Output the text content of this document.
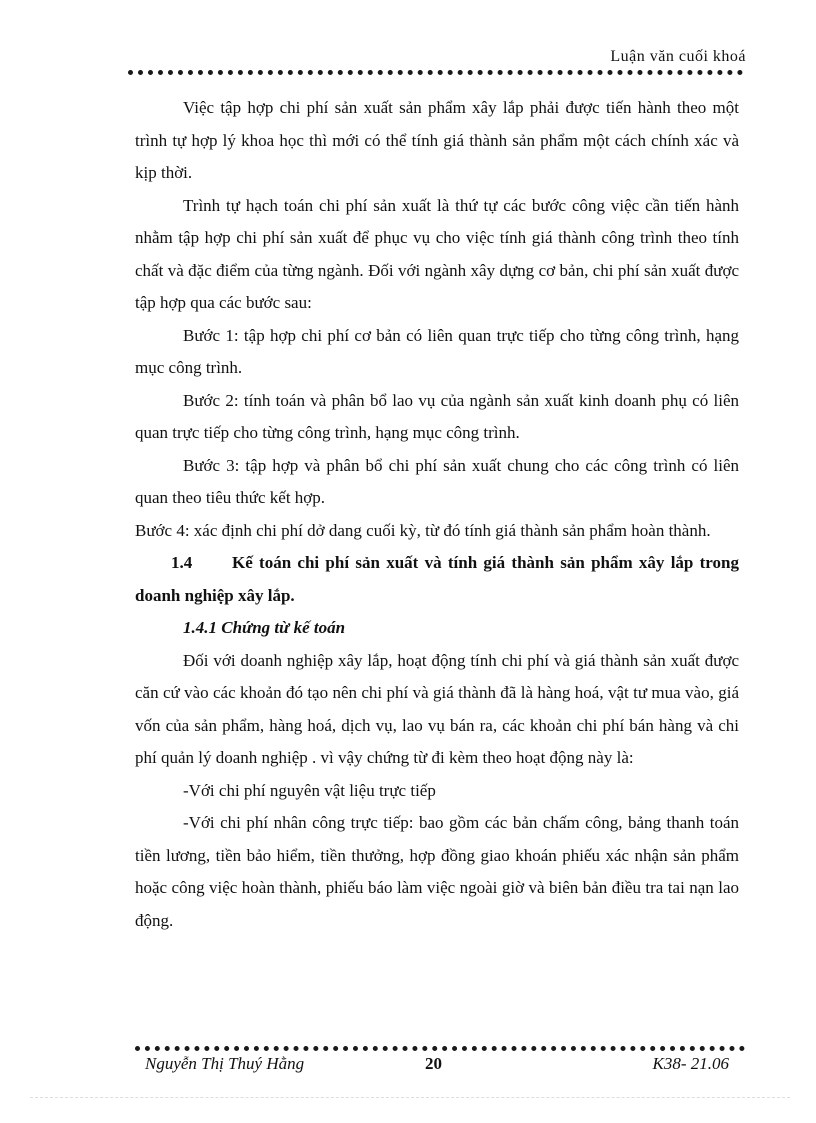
Luận văn cuối khoá

Việc tập hợp chi phí sản xuất sản phẩm xây lắp phải được tiến hành theo một trình tự hợp lý khoa học thì mới có thể tính giá thành sản phẩm một cách chính xác và kịp thời.

Trình tự hạch toán chi phí sản xuất là thứ tự các bước công việc cần tiến hành nhằm tập hợp chi phí sản xuất để phục vụ cho việc tính giá thành công trình theo tính chất và đặc điểm của từng ngành. Đối với ngành xây dựng cơ bản, chi phí sản xuất được tập hợp qua các bước sau:

Bước 1: tập hợp chi phí cơ bản có liên quan trực tiếp cho từng công trình, hạng mục công trình.

Bước 2: tính toán và phân bổ lao vụ của ngành sản xuất kinh doanh phụ có liên quan trực tiếp cho từng công trình, hạng mục công trình.

Bước 3: tập hợp và phân bổ chi phí sản xuất chung cho các công trình có liên quan theo tiêu thức kết hợp.

Bước 4: xác định chi phí dở dang cuối kỳ, từ đó tính giá thành sản phẩm hoàn thành.

1.4 Kế toán chi phí sản xuất và tính giá thành sản phẩm xây lắp trong doanh nghiệp xây lắp.

1.4.1 Chứng từ kế toán

Đối với doanh nghiệp xây lắp, hoạt động tính chi phí và giá thành sản xuất được căn cứ vào các khoản đó tạo nên chi phí và giá thành đã là hàng hoá, vật tư mua vào, giá vốn của sản phẩm, hàng hoá, dịch vụ, lao vụ bán ra, các khoản chi phí bán hàng và chi phí quản lý doanh nghiệp . vì vậy chứng từ đi kèm theo hoạt động này là:

-Với chi phí nguyên vật liệu trực tiếp

-Với chi phí nhân công trực tiếp: bao gồm các bản chấm công, bảng thanh toán tiền lương, tiền bảo hiểm, tiền thưởng, hợp đồng giao khoán phiếu xác nhận sản phẩm hoặc công việc hoàn thành, phiếu báo làm việc ngoài giờ và biên bản điều tra tai nạn lao động.

Nguyễn Thị Thuý Hằng	20	K38- 21.06
